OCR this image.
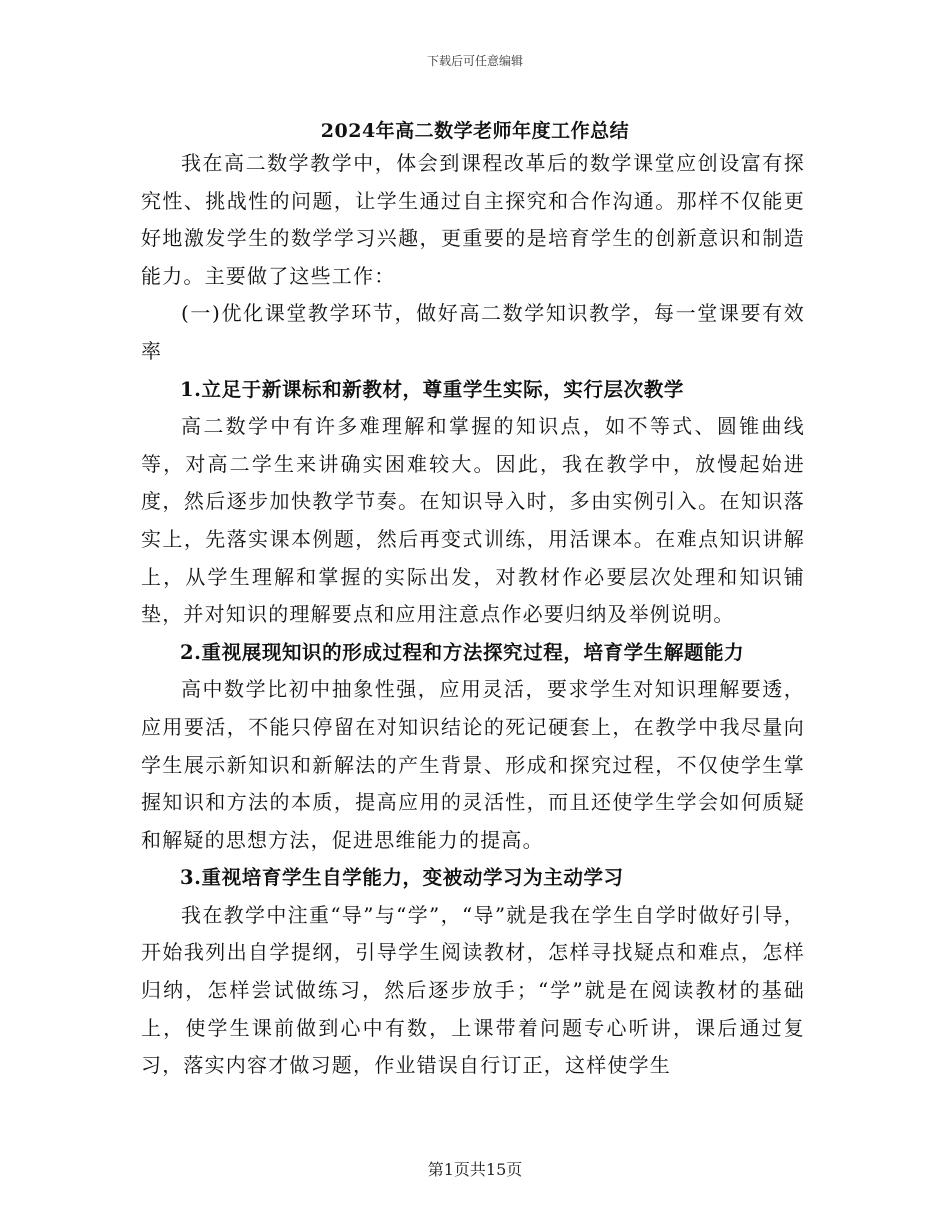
下载后可任意编辑
2024年高二数学老师年度工作总结

我在高二数学教学中，体会到课程改革后的数学课堂应创设富有探究性、挑战性的问题，让学生通过自主探究和合作沟通。那样不仅能更好地激发学生的数学学习兴趣，更重要的是培育学生的创新意识和制造能力。主要做了这些工作：

(一)优化课堂教学环节，做好高二数学知识教学，每一堂课要有效率

1.立足于新课标和新教材，尊重学生实际，实行层次教学

高二数学中有许多难理解和掌握的知识点，如不等式、圆锥曲线等，对高二学生来讲确实困难较大。因此，我在教学中，放慢起始进度，然后逐步加快教学节奏。在知识导入时，多由实例引入。在知识落实上，先落实课本例题，然后再变式训练，用活课本。在难点知识讲解上，从学生理解和掌握的实际出发，对教材作必要层次处理和知识铺垫，并对知识的理解要点和应用注意点作必要归纳及举例说明。

2.重视展现知识的形成过程和方法探究过程，培育学生解题能力

高中数学比初中抽象性强，应用灵活，要求学生对知识理解要透，应用要活，不能只停留在对知识结论的死记硬套上，在教学中我尽量向学生展示新知识和新解法的产生背景、形成和探究过程，不仅使学生掌握知识和方法的本质，提高应用的灵活性，而且还使学生学会如何质疑和解疑的思想方法，促进思维能力的提高。

3.重视培育学生自学能力，变被动学习为主动学习

我在教学中注重“导”与“学”，“导”就是我在学生自学时做好引导，开始我列出自学提纲，引导学生阅读教材，怎样寻找疑点和难点，怎样归纳，怎样尝试做练习，然后逐步放手；“学”就是在阅读教材的基础上，使学生课前做到心中有数，上课带着问题专心听讲，课后通过复习，落实内容才做习题，作业错误自行订正，这样使学生

第1页共15页
